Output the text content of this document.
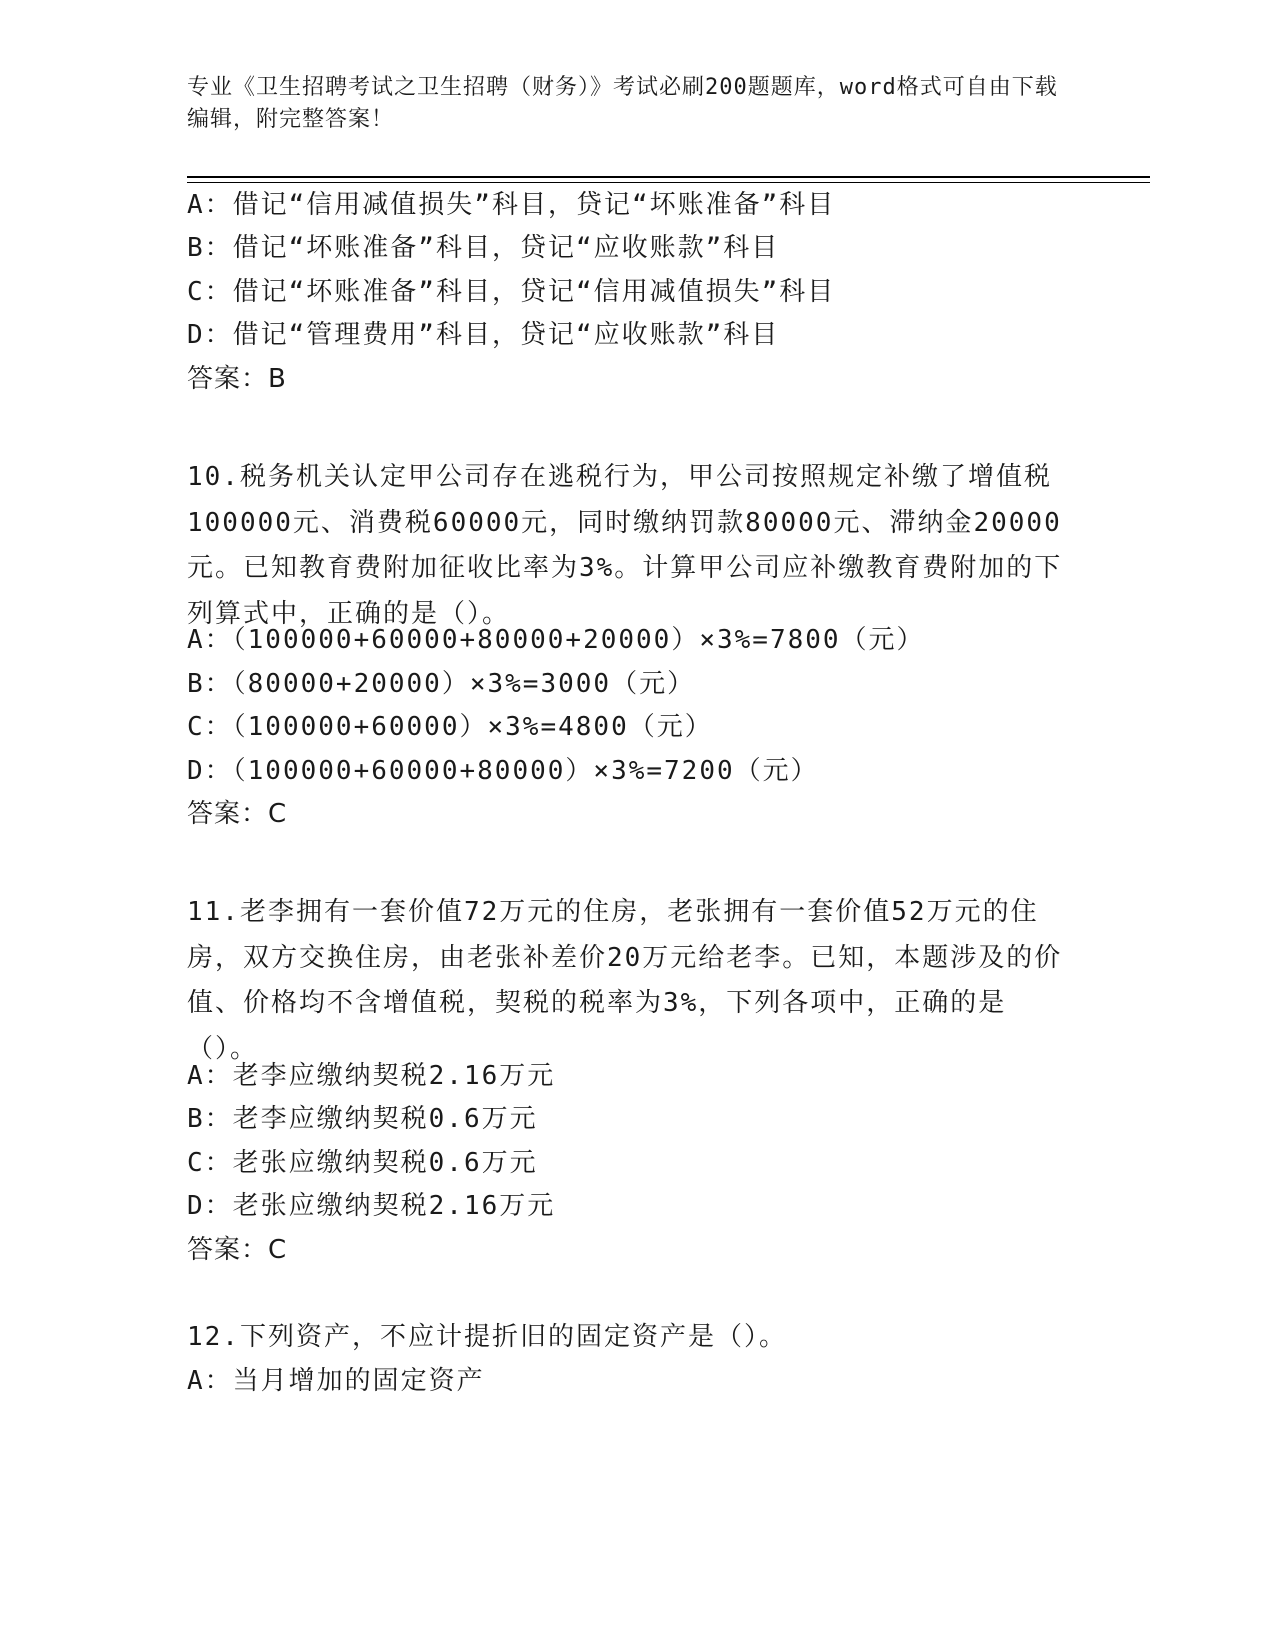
专业《卫生招聘考试之卫生招聘（财务）》考试必刷200题题库，word格式可自由下载编辑，附完整答案！
A：借记“信用减值损失”科目，贷记“坏账准备”科目
B：借记“坏账准备”科目，贷记“应收账款”科目
C：借记“坏账准备”科目，贷记“信用减值损失”科目
D：借记“管理费用”科目，贷记“应收账款”科目
答案：B
10.税务机关认定甲公司存在逃税行为，甲公司按照规定补缴了增值税100000元、消费税60000元，同时缴纳罚款80000元、滞纳金20000元。已知教育费附加征收比率为3%。计算甲公司应补缴教育费附加的下列算式中，正确的是（）。
A：（100000+60000+80000+20000）×3%=7800（元）
B：（80000+20000）×3%=3000（元）
C：（100000+60000）×3%=4800（元）
D：（100000+60000+80000）×3%=7200（元）
答案：C
11.老李拥有一套价值72万元的住房，老张拥有一套价值52万元的住房，双方交换住房，由老张补差价20万元给老李。已知，本题涉及的价值、价格均不含增值税，契税的税率为3%，下列各项中，正确的是（）。
A：老李应缴纳契税2.16万元
B：老李应缴纳契税0.6万元
C：老张应缴纳契税0.6万元
D：老张应缴纳契税2.16万元
答案：C
12.下列资产，不应计提折旧的固定资产是（）。
A：当月增加的固定资产
